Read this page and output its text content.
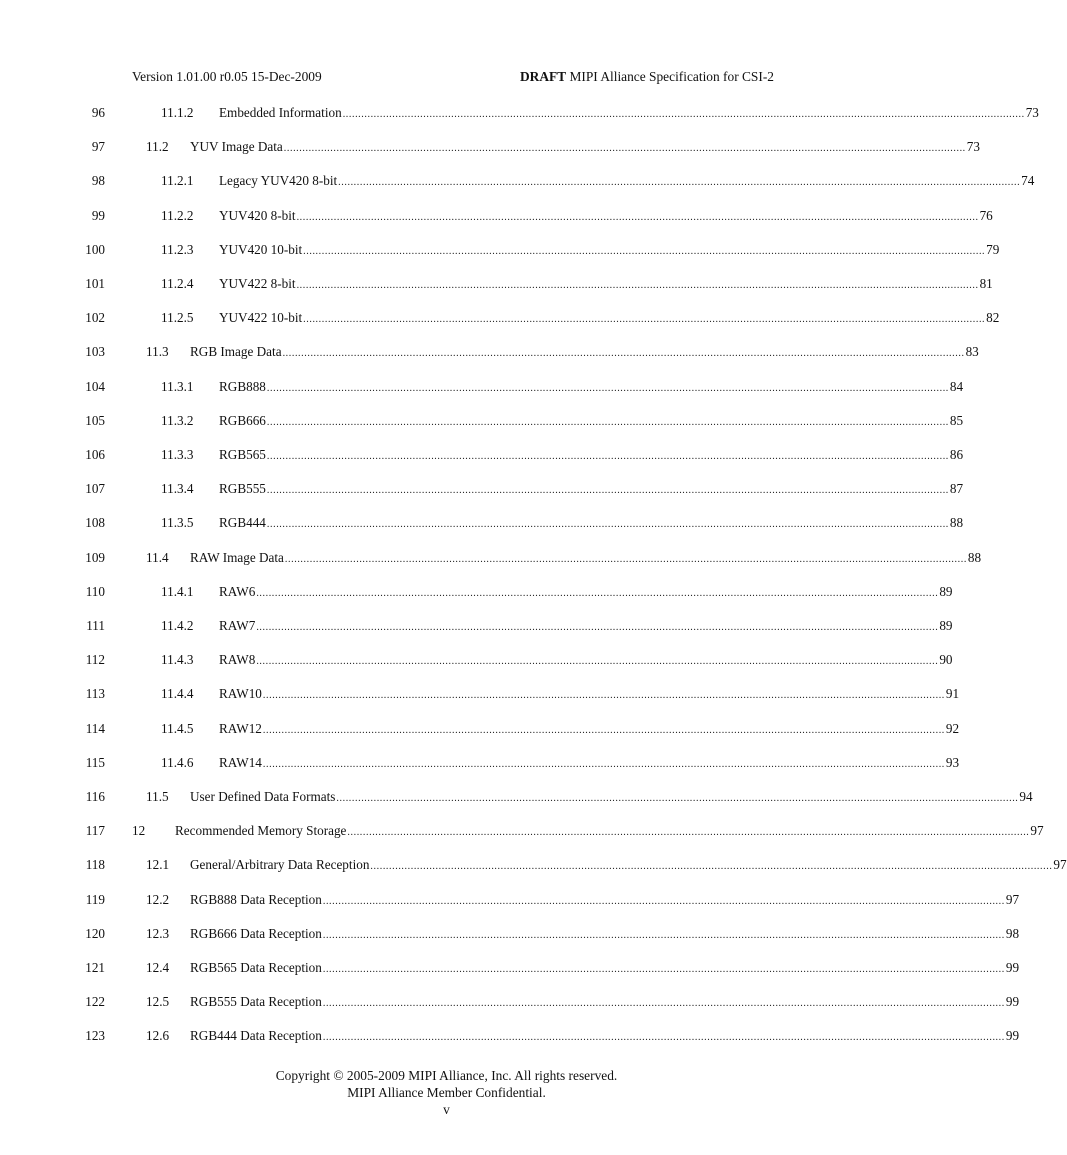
Version 1.01.00 r0.05 15-Dec-2009	DRAFT MIPI Alliance Specification for CSI-2
96	11.1.2 Embedded Information ............................................................................................................................................................................................................................ 73
97	11.2 YUV Image Data ............................................................................................................................................................................................................................ 73
98	11.2.1 Legacy YUV420 8-bit ............................................................................................................................................................................................................................ 74
99	11.2.2 YUV420 8-bit ............................................................................................................................................................................................................................ 76
100	11.2.3 YUV420 10-bit ............................................................................................................................................................................................................................ 79
101	11.2.4 YUV422 8-bit ............................................................................................................................................................................................................................ 81
102	11.2.5 YUV422 10-bit ............................................................................................................................................................................................................................ 82
103	11.3 RGB Image Data ............................................................................................................................................................................................................................ 83
104	11.3.1 RGB888 ............................................................................................................................................................................................................................ 84
105	11.3.2 RGB666 ............................................................................................................................................................................................................................ 85
106	11.3.3 RGB565 ............................................................................................................................................................................................................................ 86
107	11.3.4 RGB555 ............................................................................................................................................................................................................................ 87
108	11.3.5 RGB444 ............................................................................................................................................................................................................................ 88
109	11.4 RAW Image Data ............................................................................................................................................................................................................................ 88
110	11.4.1 RAW6 ............................................................................................................................................................................................................................ 89
111	11.4.2 RAW7 ............................................................................................................................................................................................................................ 89
112	11.4.3 RAW8 ............................................................................................................................................................................................................................ 90
113	11.4.4 RAW10 ............................................................................................................................................................................................................................ 91
114	11.4.5 RAW12 ............................................................................................................................................................................................................................ 92
115	11.4.6 RAW14 ............................................................................................................................................................................................................................ 93
116	11.5 User Defined Data Formats ............................................................................................................................................................................................................................ 94
117 12 Recommended Memory Storage ............................................................................................................................................................................................................................ 97
118	12.1 General/Arbitrary Data Reception ............................................................................................................................................................................................................................ 97
119	12.2 RGB888 Data Reception ............................................................................................................................................................................................................................ 97
120	12.3 RGB666 Data Reception ............................................................................................................................................................................................................................ 98
121	12.4 RGB565 Data Reception ............................................................................................................................................................................................................................ 99
122	12.5 RGB555 Data Reception ............................................................................................................................................................................................................................ 99
123	12.6 RGB444 Data Reception ............................................................................................................................................................................................................................ 99
Copyright © 2005-2009 MIPI Alliance, Inc. All rights reserved.
MIPI Alliance Member Confidential.
v
